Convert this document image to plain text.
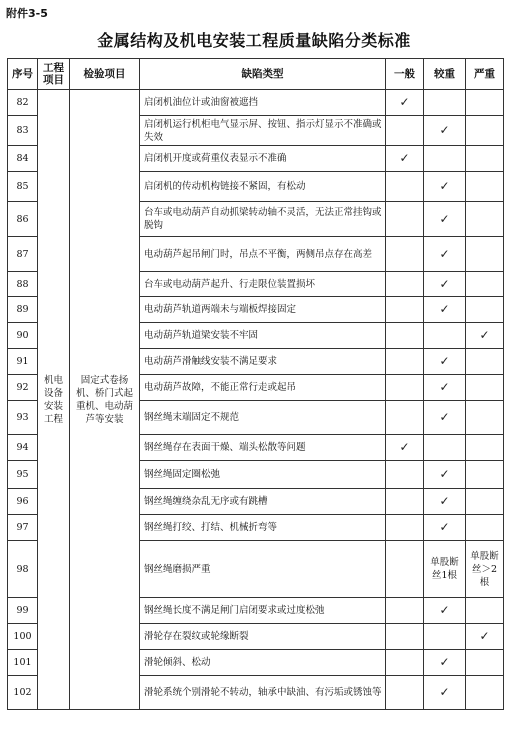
附件3-5
金属结构及机电安装工程质量缺陷分类标准
序号	工程项目	检验项目	缺陷类型	一般	较重	严重
82	机电设备安装工程	固定式卷扬机、桥门式起重机、电动葫芦等安装	启闭机油位计或油窗被遮挡	✓		
83			启闭机运行机柜电气显示屏、按钮、指示灯显示不准确或失效		✓	
84			启闭机开度或荷重仪表显示不准确	✓		
85			启闭机的传动机构链接不紧固，有松动		✓	
86			台车或电动葫芦自动抓梁转动轴不灵活，无法正常挂钩或脱钩		✓	
87			电动葫芦起吊闸门时，吊点不平衡，两侧吊点存在高差		✓	
88			台车或电动葫芦起升、行走限位装置损坏		✓	
89			电动葫芦轨道两端未与端板焊接固定		✓	
90			电动葫芦轨道梁安装不牢固			✓
91			电动葫芦滑触线安装不满足要求		✓	
92			电动葫芦故障，不能正常行走或起吊		✓	
93			钢丝绳末端固定不规范		✓	
94			钢丝绳存在表面干燥、端头松散等问题	✓		
95			钢丝绳固定圈松弛		✓	
96			钢丝绳缠绕杂乱无序或有跳槽		✓	
97			钢丝绳打绞、打结、机械折弯等		✓	
98			钢丝绳磨损严重		单股断丝1根	单股断丝＞2根
99			钢丝绳长度不满足闸门启闭要求或过度松弛		✓	
100			滑轮存在裂纹或轮缘断裂			✓
101			滑轮倾斜、松动		✓	
102			滑轮系统个别滑轮不转动，轴承中缺油、有污垢或锈蚀等		✓	
